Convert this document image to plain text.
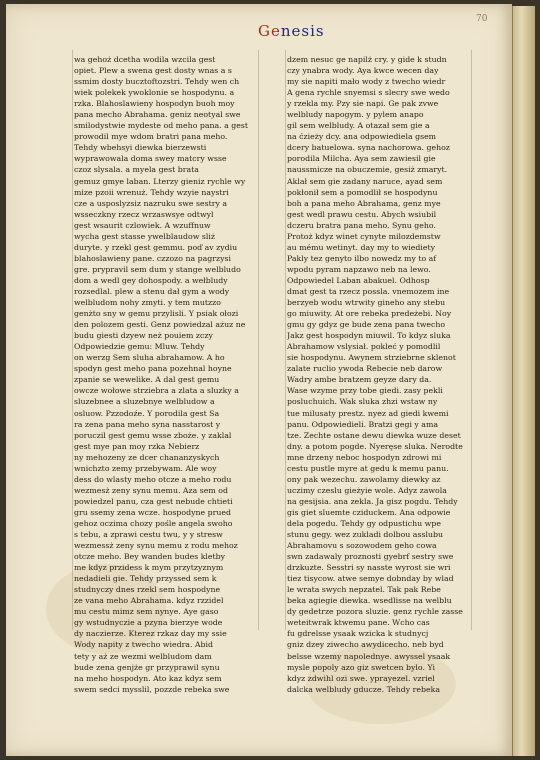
70
Genesis
wa gehoż dcetha wodila wzcila gest
opiet. Plew a swena gest dosty wnas a s
ssmim dosty bucztoftozstri. Tehdy wen ch
wiek polekek ywoklonie se hospodynu. a
rzka. Blahoslawieny hospodyn buoh moy
pana mecho Abrahama. geniz neotyal swe
smilodystwie mydeste od meho pana. a gest
prowodil mye wdom bratri pana meho.
Tehdy wbehsyi diewka bierzewsti
wyprawowala doma swey matcry wsse
czoz slysala. a myela gest brata
gemuz gmye laban. Lterzy gieniz rychle wy
mize pzoii wrenuż. Tehdy wzyie naystri
cze a usposlyzsiz nazruku swe sestry a
wsseczkny rzecz wrzaswsye odtwyl
gest wsaurit czlowiek. A wzuffnuw
wycha gest stasse ywelblaudow sliż
duryte. y rzekl gest gemmu. poď av zydiu
blahoslawieny pane. czzozo na pagrzysi
gre. prypravil sem dum y stange welbludo
dom a wedl gey dohospody. a wełbludy
rozsedlal. plew a stenu dał gym a wody
welbludom nohy zmyti. y tem mutzzo
genżto sny w gemu przylisli. Y psiak ołozi
den polozem gesti. Genz powiedzal ażuz ne
budu giesti dzyew neż pouiem zczy
Odpowiedzie gemu: Mluw. Tehdy
on werzg Sem sluha abrahamow. A ho
spodyn gest meho pana pozehnal hoyne
zpanie se wewelike. A dal gest gemu
owcze wołowe strziebra a zlata a sluzky a
sluzebnee a sluzebnye welbludow a
osluow. Pzzodoźe. Y porodila gest Sa
ra zena pana meho syna nasstarost y
poruczil gest gemu wsse zboże. y zaklal
gest mye pan moy rzka Nebierz
ny mehozeny ze dcer chananzyskych
wnichzto zemy przebywam. Ale woy
dess do wlasty meho otcze a meho rodu
wezmesż zeny synu memu. Aza sem od
powiedzel panu, cza gest nebude chtieti
gru ssemy zena wcze. hospodyne prued
gehoz oczima chozy pośle angela swoho
s tebu, a zprawi cestu twu, y y stresw
wezmessż zeny synu memu z rodu mehoz
otcze meho. Bey wanden budes kletby
me kdyz przidess k mym przytzyznym
nedadieli gie. Tehdy przyssed sem k
studnyczy dnes rzekl sem hospodyne
ze vana meho Abrahama. kdyz rzzidel
mu cestu mimz sem nynye. Aye gaso
gy wstudnyczie a pzyna bierzye wode
dy naczierze. Kterez rzkaz day my ssie
Wody napity z twecho wiedra. Abid
tety y aż ze wezmi welbludom dam
bude zena genjże gr przyprawil synu
na meho hospodyn. Ato kaz kdyz sem
swem sedci mysslil, pozzde rebeka swe
dzem nesuc ge napilż cry. y gide k studn
czy ynabra wody. Aya kwce wecen day
my sie napiti mało wody z twecho wiedr
A gena rychle snyemsi s slecry swe wedo
y rzekla my. Pzy sie napi. Ge pak zvwe
welbludy napogym. y pylem anapo
gil sem welbludy. A otazał sem gie a
na ćzieży dcy. ana odpowiediela gsem
dcery batuelowa. syna nachorowa. gehoz
porodila Milcha. Aya sem zawiesil gie
naussmicze na obuczemie, gesiż zmaryt.
Aklał sem gie zadany naruce, ayad sem
pokłonił sem a pomodlił se hospodynu
boh a pana meho Abrahama, genz mye
gest wedl prawu cestu. Abych wsiubil
dczeru bratra pana meho. Synu geho.
Protoż kdyz winet cynyte milozdemstw
au mému wetinyt. day my to wiediety
Pakly tez genyto ilbo nowedz my to af
wpodu pyram napzawo neb na lewo.
Odpowiedel Laban abakuel. Odhosp
dmat gest ta rzecz possla. vnemozem ine
berzyeb wodu wtrwity gineho any stebu
go miuwity. At ore rebeka predeżebi. Noy
gmu gy gdyz ge bude zena pana twecho
Jakz gest hospodyn miuwil. To kdyz sluka
Abrahamow vslysiał. pokleć y pomodlil
sie hospodynu. Awynem strziebrne sklenot
zalate ruclio ywoda Rebecie neb darow
Wadry ambe bratzem geyze dary da.
Wase wzyme przy tobe giedi. zasy pekli
posluchuich. Wak sluka zhzi wstaw ny
tue milusaty prestz. nyez ad giedi kwemi
panu. Odpowiedieli. Bratzi gegi y ama
tze. Zechte ostane dewu diewka wuze deset
dny. a potom pogde. Nyeręse sluka. Nerodte
mne drzeny neboc hospodyn zdrowi mi
cestu pustle myre at gedu k memu panu.
ony pak wezechu. zawolamy diewky az
uczimy czeslu gieżyie wole. Adyz zawola
na gesijsia. ana zekla. Ja gisz pogdu. Tehdy
gis giet sluemte cziduckem. Ana odpowie
dela pogedu. Tehdy gy odpustichu wpe
stunu gegy. wez zukladi dolbou asslubu
Abrahamovu s sozowodem geho cowa
swn zadawaly proznosti gyebrf sestry swe
drzkuzte. Sesstri sy nasste wyrost sie wri
tiez tisycow. atwe semye dobnday by wlad
le wrata swych nepzatel. Tak pak Rebe
beka agiegie diewka. wsedlisse na welblu
dy gedetrze pozora sluzie. genz rychle zasse
weteitwrak ktwemu pane. Wcho cas
fu gdrelsse ysaak wzicka k studnycj
gniz dzey ziwecho awydicecho. neb byd
belsse wzemy napolednye. awyssel ysaak
mysle popoly azo giz swetcen bylo. Yi
kdyz zdwihl ozi swe. yprayezel. vzriel
dalcka welbludy gducze. Tehdy rebeka
